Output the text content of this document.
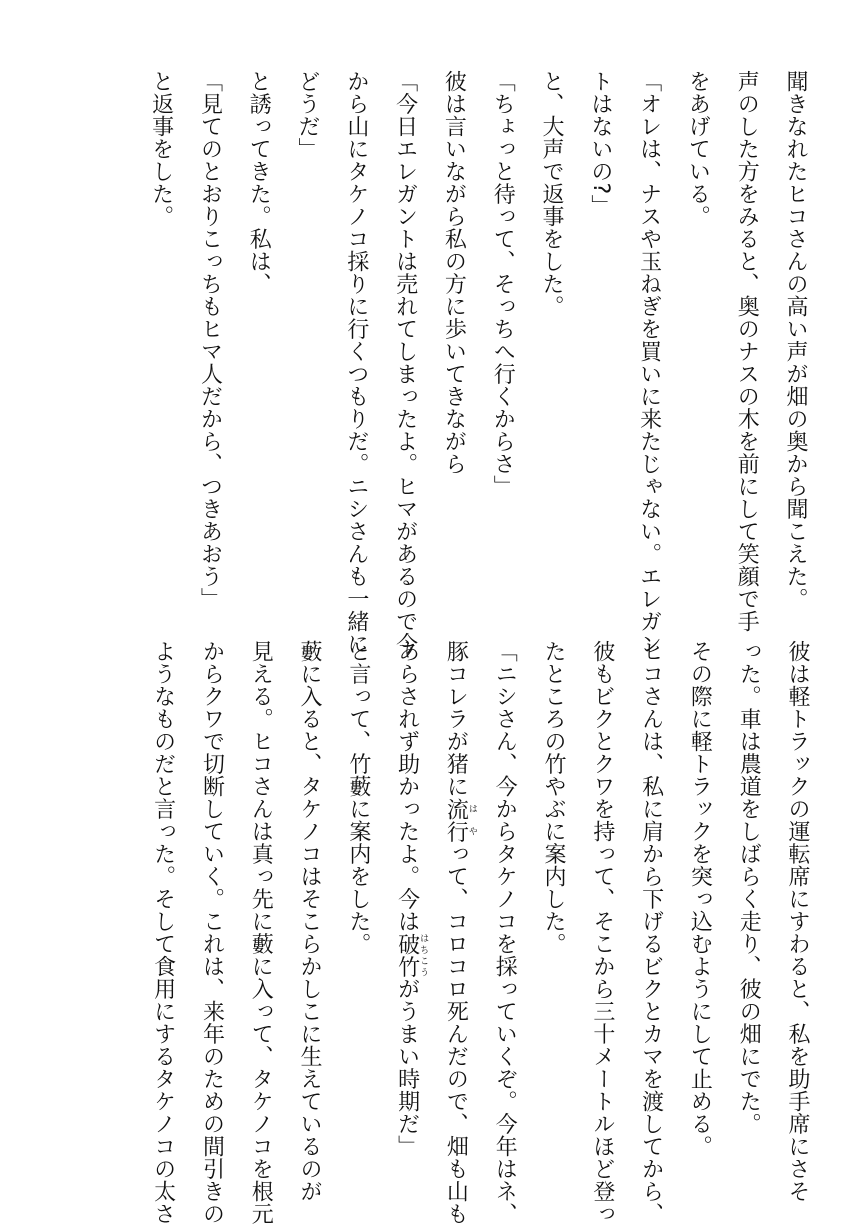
聞きなれたヒコさんの高い声が畑の奥から聞こえた。
声のした方をみると、奥のナスの木を前にして笑顔で手
をあげている。
「オレは、ナスや玉ねぎを買いに来たじゃない。エレガン
トはないの?」
と、大声で返事をした。
「ちょっと待って、そっちへ行くからさ」
彼は言いながら私の方に歩いてきながら
「今日エレガントは売れてしまったよ。ヒマがあるので今
から山にタケノコ採りに行くつもりだ。ニシさんも一緒に
どうだ」
と誘ってきた。私は、
「見てのとおりこっちもヒマ人だから、つきあおう」
と返事をした。
彼は軽トラックの運転席にすわると、私を助手席にさそ
った。車は農道をしばらく走り、彼の畑にでた。
その際に軽トラックを突っ込むようにして止める。
ヒコさんは、私に肩から下げるビクとカマを渡してから、
彼もビクとクワを持って、そこから三十メートルほど登っ
たところの竹やぶに案内した。
「ニシさん、今からタケノコを採っていくぞ。今年はネ、
豚コレラが猪に流行はやって、コロコロ死んだので、畑も山も
あらされず助かったよ。今は破竹はちこうがうまい時期だ」
と言って、竹藪に案内をした。
藪に入ると、タケノコはそこらかしこに生えているのが
見える。ヒコさんは真っ先に藪に入って、タケノコを根元
からクワで切断していく。これは、来年のための間引きの
ようなものだと言った。そして食用にするタケノコの太さ
